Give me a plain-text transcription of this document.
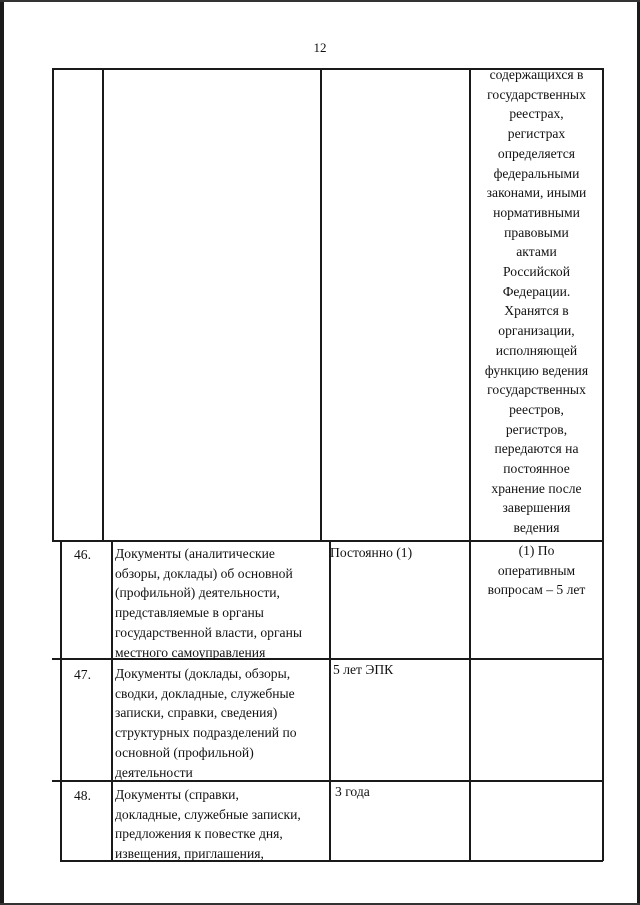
12
содержащихся в
государственных
реестрах,
регистрах
определяется
федеральными
законами, иными
нормативными
правовыми
актами
Российской
Федерации.
Хранятся в
организации,
исполняющей
функцию ведения
государственных
реестров,
регистров,
передаются на
постоянное
хранение после
завершения
ведения
46. Документы (аналитические
обзоры, доклады) об основной
(профильной) деятельности,
представляемые в органы
государственной власти, органы
местного самоуправления
Постоянно (1)	(1) По
оперативным
вопросам – 5 лет
47. Документы (доклады, обзоры,
сводки, докладные, служебные
записки, справки, сведения)
структурных подразделений по
основной (профильной)
деятельности
5 лет ЭПК
48. Документы (справки,
докладные, служебные записки,
предложения к повестке дня,
извещения, приглашения,
3 года
